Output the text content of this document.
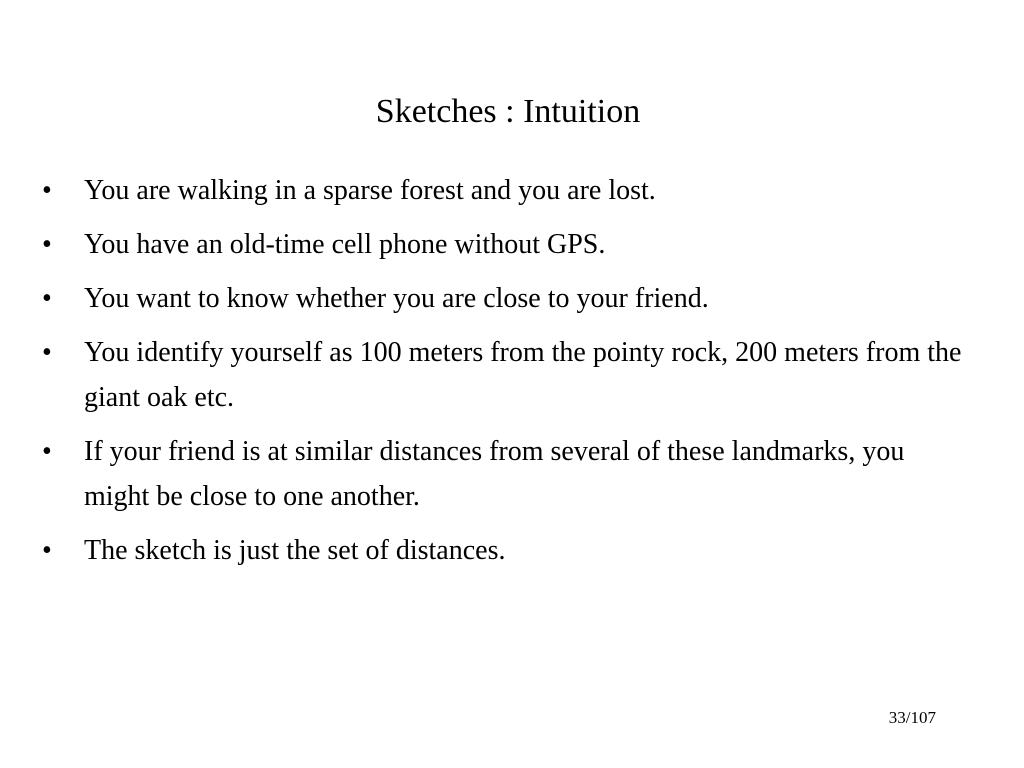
Sketches : Intuition
•	You are walking in a sparse forest and you are lost.
•	You have an old-time cell phone without GPS.
•	You want to know whether you are close to your friend.
•	You identify yourself as 100 meters from the pointy rock, 200 meters from the giant oak etc.
•	If your friend is at similar distances from several of these landmarks, you might be close to one another.
•	The sketch is just the set of distances.
33/107
